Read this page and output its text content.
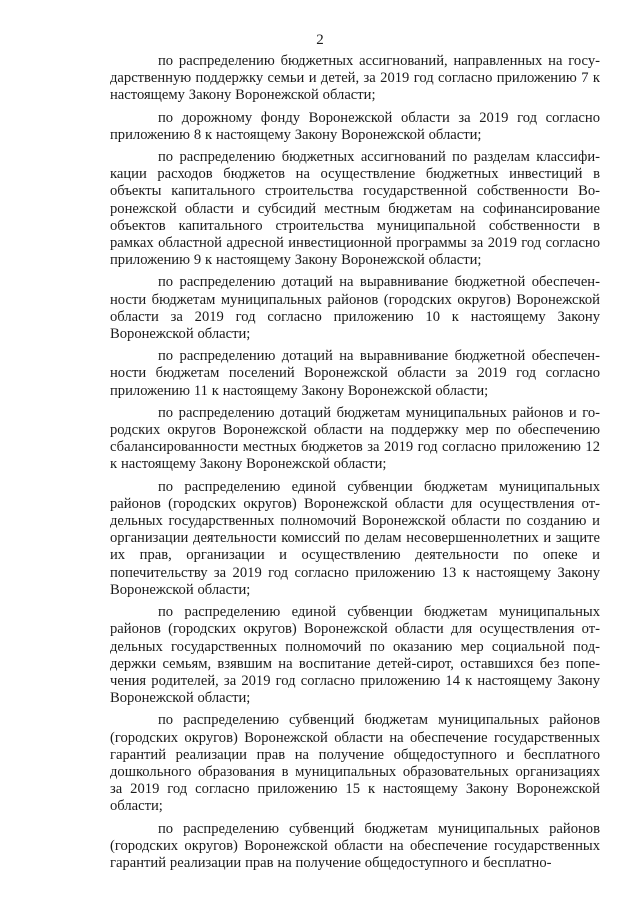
2

по распределению бюджетных ассигнований, направленных на государственную поддержку семьи и детей, за 2019 год согласно приложению 7 к настоящему Закону Воронежской области;

по дорожному фонду Воронежской области за 2019 год согласно приложению 8 к настоящему Закону Воронежской области;

по распределению бюджетных ассигнований по разделам классификации расходов бюджетов на осуществление бюджетных инвестиций в объекты капитального строительства государственной собственности Воронежской области и субсидий местным бюджетам на софинансирование объектов капитального строительства муниципальной собственности в рамках областной адресной инвестиционной программы за 2019 год согласно приложению 9 к настоящему Закону Воронежской области;

по распределению дотаций на выравнивание бюджетной обеспеченности бюджетам муниципальных районов (городских округов) Воронежской области за 2019 год согласно приложению 10 к настоящему Закону Воронежской области;

по распределению дотаций на выравнивание бюджетной обеспеченности бюджетам поселений Воронежской области за 2019 год согласно приложению 11 к настоящему Закону Воронежской области;

по распределению дотаций бюджетам муниципальных районов и городских округов Воронежской области на поддержку мер по обеспечению сбалансированности местных бюджетов за 2019 год согласно приложению 12 к настоящему Закону Воронежской области;

по распределению единой субвенции бюджетам муниципальных районов (городских округов) Воронежской области для осуществления отдельных государственных полномочий Воронежской области по созданию и организации деятельности комиссий по делам несовершеннолетних и защите их прав, организации и осуществлению деятельности по опеке и попечительству за 2019 год согласно приложению 13 к настоящему Закону Воронежской области;

по распределению единой субвенции бюджетам муниципальных районов (городских округов) Воронежской области для осуществления отдельных государственных полномочий по оказанию мер социальной поддержки семьям, взявшим на воспитание детей-сирот, оставшихся без попечения родителей, за 2019 год согласно приложению 14 к настоящему Закону Воронежской области;

по распределению субвенций бюджетам муниципальных районов (городских округов) Воронежской области на обеспечение государственных гарантий реализации прав на получение общедоступного и бесплатного дошкольного образования в муниципальных образовательных организациях за 2019 год согласно приложению 15 к настоящему Закону Воронежской области;

по распределению субвенций бюджетам муниципальных районов (городских округов) Воронежской области на обеспечение государственных гарантий реализации прав на получение общедоступного и бесплатно-
